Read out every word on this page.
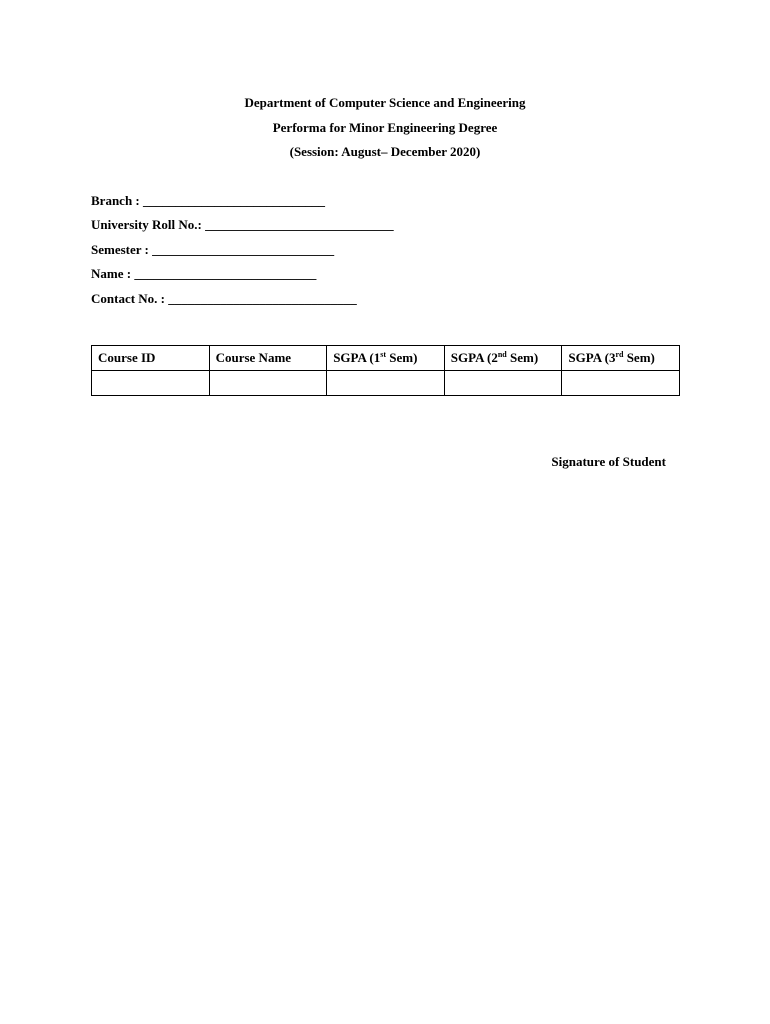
Department of Computer Science and Engineering
Performa for Minor Engineering Degree
(Session: August– December 2020)
Branch : ____________________________
University Roll No.: _____________________________
Semester : ____________________________
Name : ____________________________
Contact No. : _____________________________
Course ID	Course Name	SGPA (1st Sem)	SGPA (2nd Sem)	SGPA (3rd Sem)

Signature of Student
